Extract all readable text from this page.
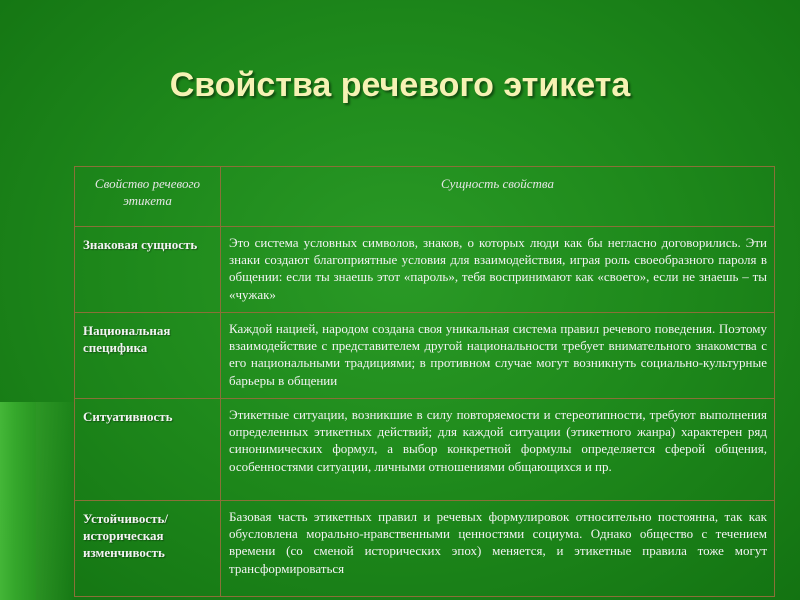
Свойства речевого этикета
Свойство речевого этикета	Сущность свойства
Знаковая сущность	Это система условных символов, знаков, о которых люди как бы негласно договорились. Эти знаки создают благоприятные условия для взаимодействия, играя роль своеобразного пароля в общении: если ты знаешь этот «пароль», тебя воспринимают как «своего», если не знаешь – ты «чужак»
Национальная специфика	Каждой нацией, народом создана своя уникальная система правил речевого поведения. Поэтому взаимодействие с представителем другой национальности требует внимательного знакомства с его национальными традициями; в противном случае могут возникнуть социально-культурные барьеры в общении
Ситуативность	Этикетные ситуации, возникшие в силу повторяемости и стереотипности, требуют выполнения определенных этикетных действий; для каждой ситуации (этикетного жанра) характерен ряд синонимических формул, а выбор конкретной формулы определяется сферой общения, особенностями ситуации, личными отношениями общающихся и пр.
Устойчивость/ историческая изменчивость	Базовая часть этикетных правил и речевых формулировок относительно постоянна, так как обусловлена морально-нравственными ценностями социума. Однако общество с течением времени (со сменой исторических эпох) меняется, и этикетные правила тоже могут трансформироваться
